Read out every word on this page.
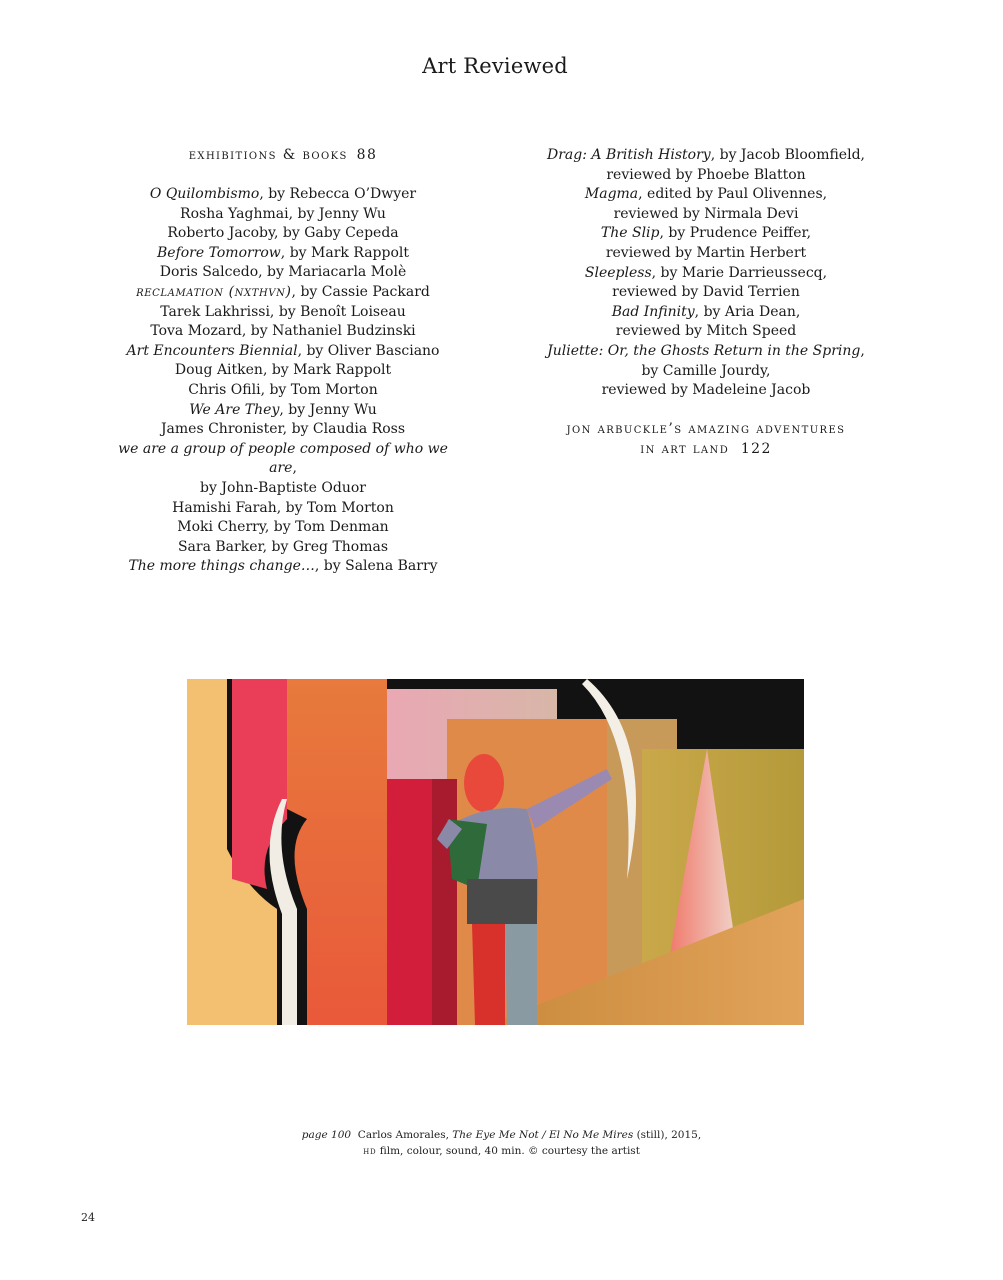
Art Reviewed

exhibitions & books 88

O Quilombismo, by Rebecca O’Dwyer

Rosha Yaghmai, by Jenny Wu

Roberto Jacoby, by Gaby Cepeda

Before Tomorrow, by Mark Rappolt

Doris Salcedo, by Mariacarla Molè

reclamation (nxthvn), by Cassie Packard

Tarek Lakhrissi, by Benoît Loiseau

Tova Mozard, by Nathaniel Budzinski

Art Encounters Biennial, by Oliver Basciano

Doug Aitken, by Mark Rappolt

Chris Ofili, by Tom Morton

We Are They, by Jenny Wu

James Chronister, by Claudia Ross

we are a group of people composed of who we are,

by John-Baptiste Oduor

Hamishi Farah, by Tom Morton

Moki Cherry, by Tom Denman

Sara Barker, by Greg Thomas

The more things change…, by Salena Barry

Drag: A British History, by Jacob Bloomfield,

reviewed by Phoebe Blatton

Magma, edited by Paul Olivennes,

reviewed by Nirmala Devi

The Slip, by Prudence Peiffer,

reviewed by Martin Herbert

Sleepless, by Marie Darrieussecq,

reviewed by David Terrien

Bad Infinity, by Aria Dean,

reviewed by Mitch Speed

Juliette: Or, the Ghosts Return in the Spring,

by Camille Jourdy,

reviewed by Madeleine Jacob

jon arbuckle’s amazing adventures

in art land 122

page 100 Carlos Amorales, The Eye Me Not / El No Me Mires (still), 2015,

hd film, colour, sound, 40 min. © courtesy the artist

24
